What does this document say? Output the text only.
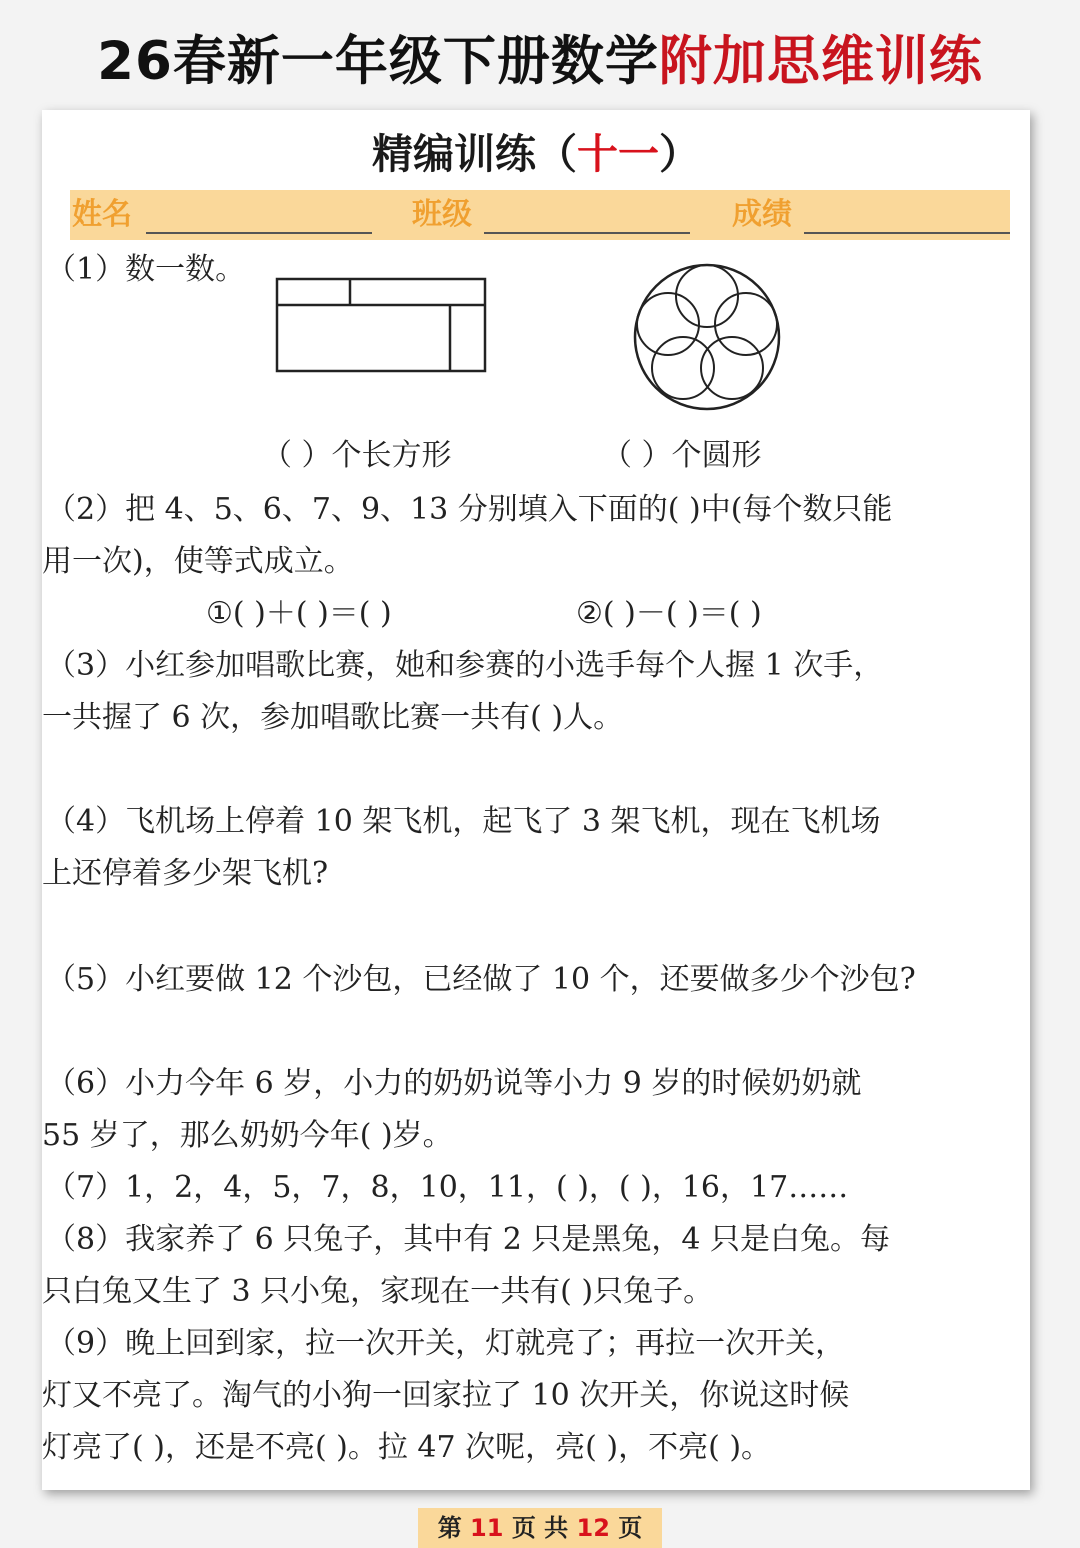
26春新一年级下册数学附加思维训练
精编训练（十一）
姓名	班级	成绩
（1）数一数。
（ ）个长方形	（ ）个圆形
（2）把 4、5、6、7、9、13 分别填入下面的( )中(每个数只能
用一次)，使等式成立。
①( )＋( )＝( )	②( )－( )＝( )
（3）小红参加唱歌比赛，她和参赛的小选手每个人握 1 次手，
一共握了 6 次，参加唱歌比赛一共有( )人。
（4）飞机场上停着 10 架飞机，起飞了 3 架飞机，现在飞机场
上还停着多少架飞机?
（5）小红要做 12 个沙包，已经做了 10 个，还要做多少个沙包?
（6）小力今年 6 岁，小力的奶奶说等小力 9 岁的时候奶奶就
55 岁了，那么奶奶今年( )岁。
（7）1，2，4，5，7，8，10，11，( )，( )，16，17……
（8）我家养了 6 只兔子，其中有 2 只是黑兔，4 只是白兔。每
只白兔又生了 3 只小兔，家现在一共有( )只兔子。
（9）晚上回到家，拉一次开关，灯就亮了；再拉一次开关，
灯又不亮了。淘气的小狗一回家拉了 10 次开关，你说这时候
灯亮了( )，还是不亮( )。拉 47 次呢，亮( )，不亮( )。
第 11 页 共 12 页
